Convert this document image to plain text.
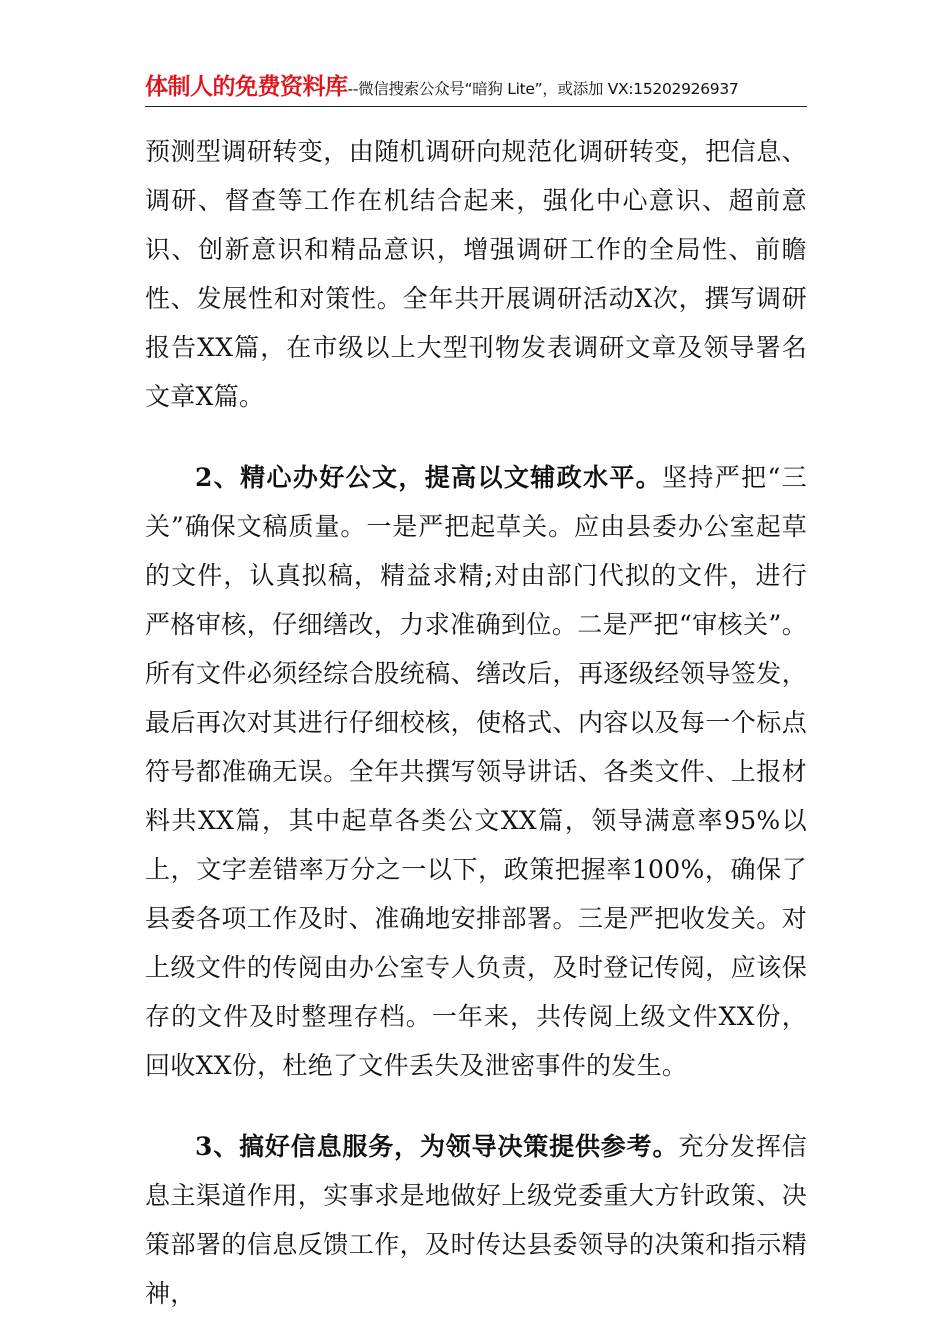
体制人的免费资料库--微信搜索公众号“暗狗 Lite”，或添加 VX:15202926937

预测型调研转变，由随机调研向规范化调研转变，把信息、调研、督查等工作在机结合起来，强化中心意识、超前意识、创新意识和精品意识，增强调研工作的全局性、前瞻性、发展性和对策性。全年共开展调研活动X次，撰写调研报告XX篇，在市级以上大型刊物发表调研文章及领导署名文章X篇。

2、精心办好公文，提高以文辅政水平。坚持严把“三关”确保文稿质量。一是严把起草关。应由县委办公室起草的文件，认真拟稿，精益求精;对由部门代拟的文件，进行严格审核，仔细缮改，力求准确到位。二是严把“审核关”。所有文件必须经综合股统稿、缮改后，再逐级经领导签发，最后再次对其进行仔细校核，使格式、内容以及每一个标点符号都准确无误。全年共撰写领导讲话、各类文件、上报材料共XX篇，其中起草各类公文XX篇，领导满意率95%以上，文字差错率万分之一以下，政策把握率100%，确保了县委各项工作及时、准确地安排部署。三是严把收发关。对上级文件的传阅由办公室专人负责，及时登记传阅，应该保存的文件及时整理存档。一年来，共传阅上级文件XX份，回收XX份，杜绝了文件丢失及泄密事件的发生。

3、搞好信息服务，为领导决策提供参考。充分发挥信息主渠道作用，实事求是地做好上级党委重大方针政策、决策部署的信息反馈工作，及时传达县委领导的决策和指示精神，
